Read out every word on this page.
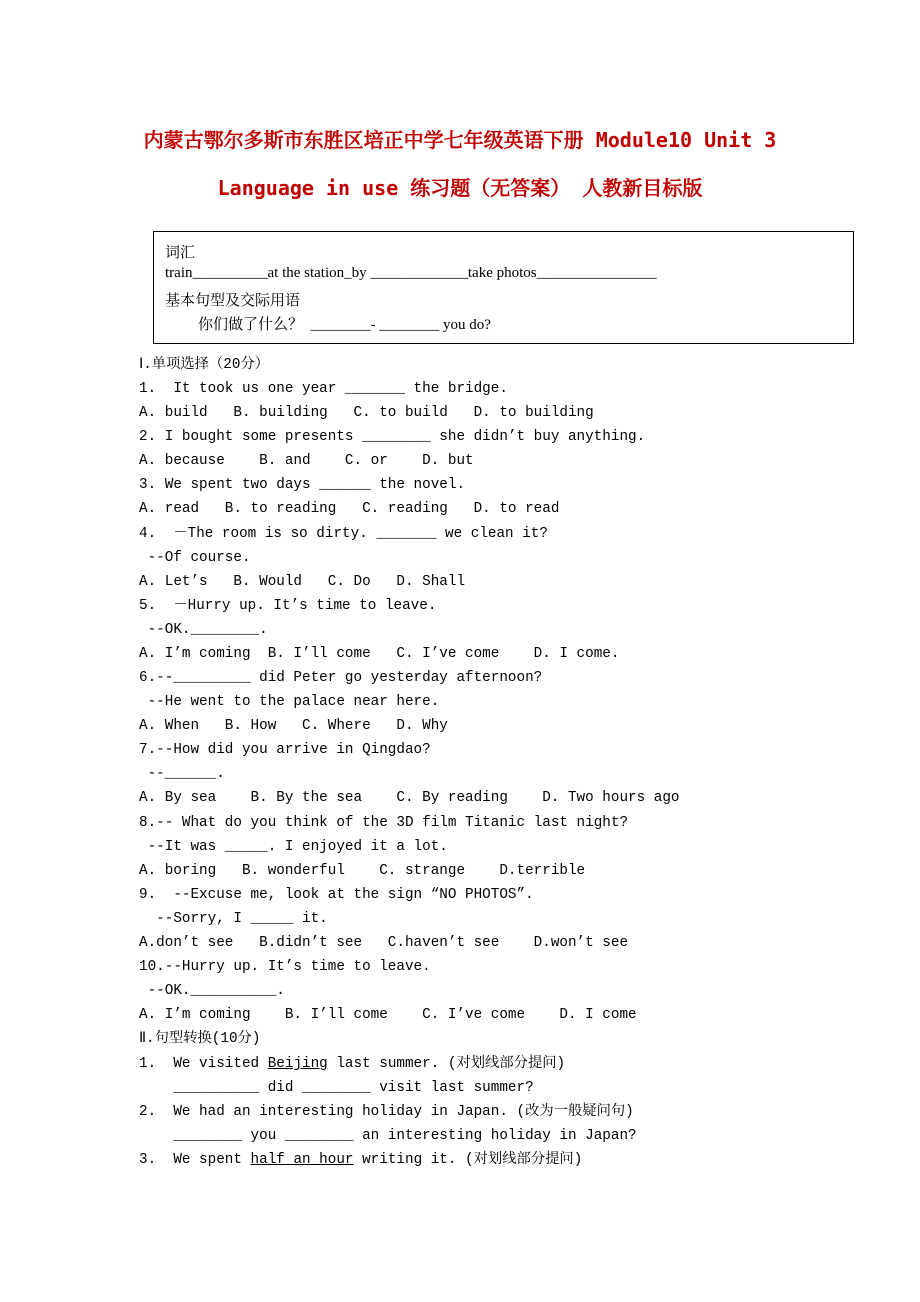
内蒙古鄂尔多斯市东胜区培正中学七年级英语下册 Module10 Unit 3
Language in use 练习题（无答案） 人教新目标版
词汇
train__________at the station_by _____________take photos________________
基本句型及交际用语
你们做了什么？  ________- ________ you do?
Ⅰ.单项选择（20分）
1.  It took us one year _______ the bridge.
A. build   B. building   C. to build   D. to building
2. I bought some presents ________ she didn’t buy anything.
A. because    B. and    C. or    D. but
3. We spent two days ______ the novel.
A. read   B. to reading   C. reading   D. to read
4.  －The room is so dirty. _______ we clean it?
--Of course.
A. Let’s   B. Would   C. Do   D. Shall
5.  －Hurry up. It’s time to leave.
--OK.________.
A. I’m coming  B. I’ll come   C. I’ve come    D. I come.
6.--_________ did Peter go yesterday afternoon?
--He went to the palace near here.
A. When   B. How   C. Where   D. Why
7.--How did you arrive in Qingdao?
--______.
A. By sea    B. By the sea    C. By reading    D. Two hours ago
8.-- What do you think of the 3D film Titanic last night?
--It was _____. I enjoyed it a lot.
A. boring   B. wonderful    C. strange    D.terrible
9.  --Excuse me, look at the sign “NO PHOTOS”.
--Sorry, I _____ it.
A.don’t see   B.didn’t see   C.haven’t see    D.won’t see
10.--Hurry up. It’s time to leave.
--OK.__________.
A. I’m coming    B. I’ll come    C. I’ve come    D. I come
Ⅱ.句型转换(10分)
1.  We visited Beijing last summer. (对划线部分提问)
__________ did ________ visit last summer?
2.  We had an interesting holiday in Japan. (改为一般疑问句)
________ you ________ an interesting holiday in Japan?
3.  We spent half an hour writing it. (对划线部分提问)
